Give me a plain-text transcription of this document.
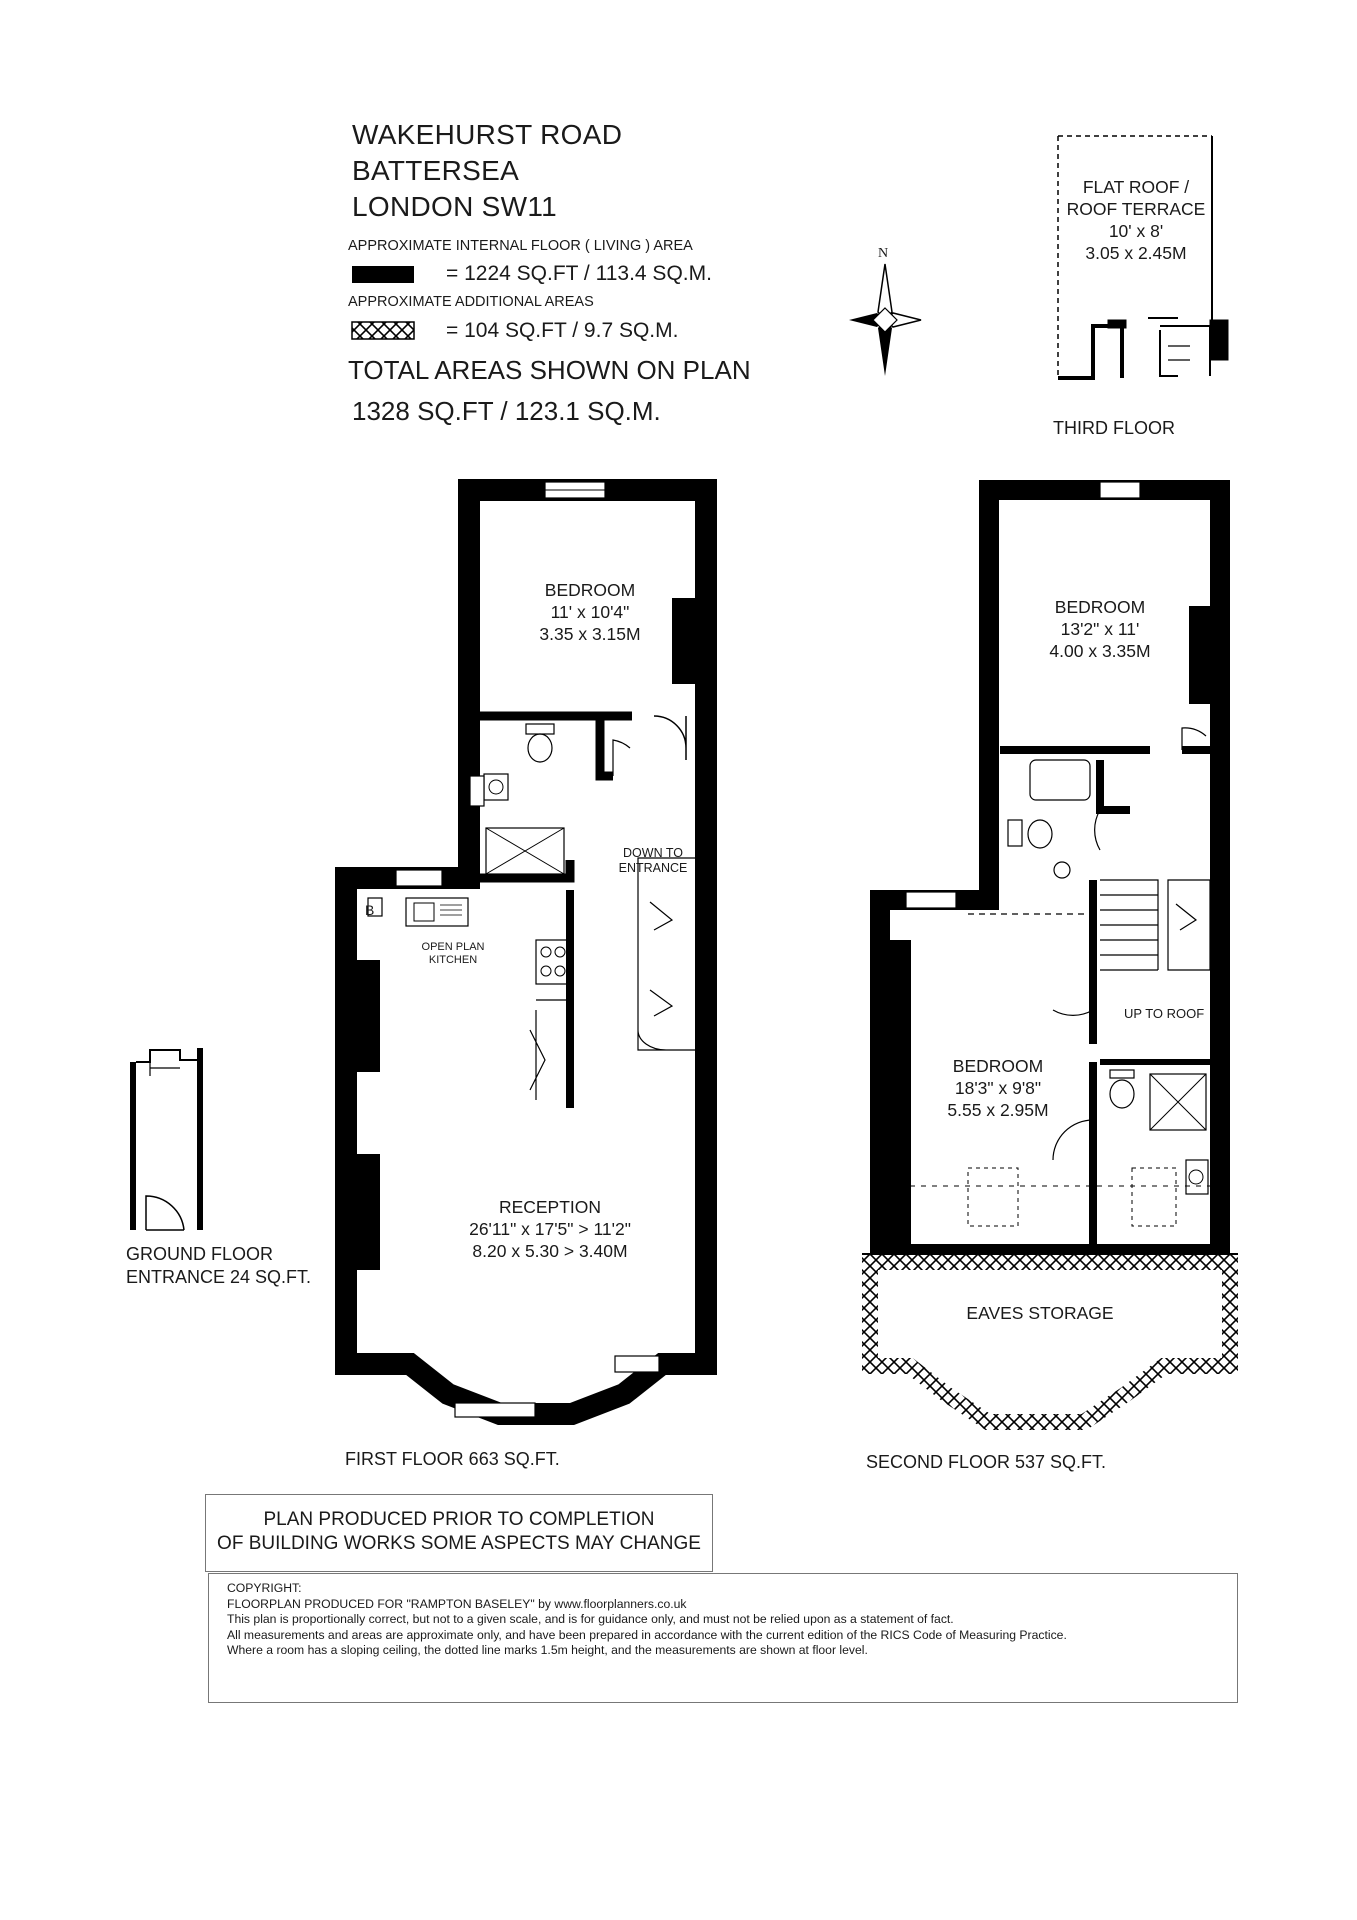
WAKEHURST ROAD
BATTERSEA
LONDON SW11
APPROXIMATE INTERNAL FLOOR ( LIVING ) AREA
= 1224 SQ.FT / 113.4 SQ.M.
APPROXIMATE ADDITIONAL AREAS
= 104 SQ.FT / 9.7 SQ.M.
TOTAL AREAS SHOWN ON PLAN
1328 SQ.FT / 123.1 SQ.M.
N
FLAT ROOF /
ROOF TERRACE
10' x 8'
3.05 x 2.45M
THIRD FLOOR
BEDROOM
11' x 10'4"
3.35 x 3.15M
DOWN TO
ENTRANCE
B
OPEN PLAN
KITCHEN
RECEPTION
26'11" x 17'5" > 11'2"
8.20 x 5.30 > 3.40M
FIRST FLOOR 663 SQ.FT.
GROUND FLOOR
ENTRANCE 24 SQ.FT.
BEDROOM
13'2" x 11'
4.00 x 3.35M
UP TO ROOF
BEDROOM
18'3" x 9'8"
5.55 x 2.95M
EAVES STORAGE
SECOND FLOOR 537 SQ.FT.
PLAN PRODUCED PRIOR TO COMPLETION
OF BUILDING WORKS SOME ASPECTS MAY CHANGE
COPYRIGHT:
FLOORPLAN PRODUCED FOR "RAMPTON BASELEY" by www.floorplanners.co.uk
This plan is proportionally correct, but not to a given scale, and is for guidance only, and must not be relied upon as a statement of fact.
All measurements and areas are approximate only, and have been prepared in accordance with the current edition of the RICS Code of Measuring Practice.
Where a room has a sloping ceiling, the dotted line marks 1.5m height, and the measurements are shown at floor level.
